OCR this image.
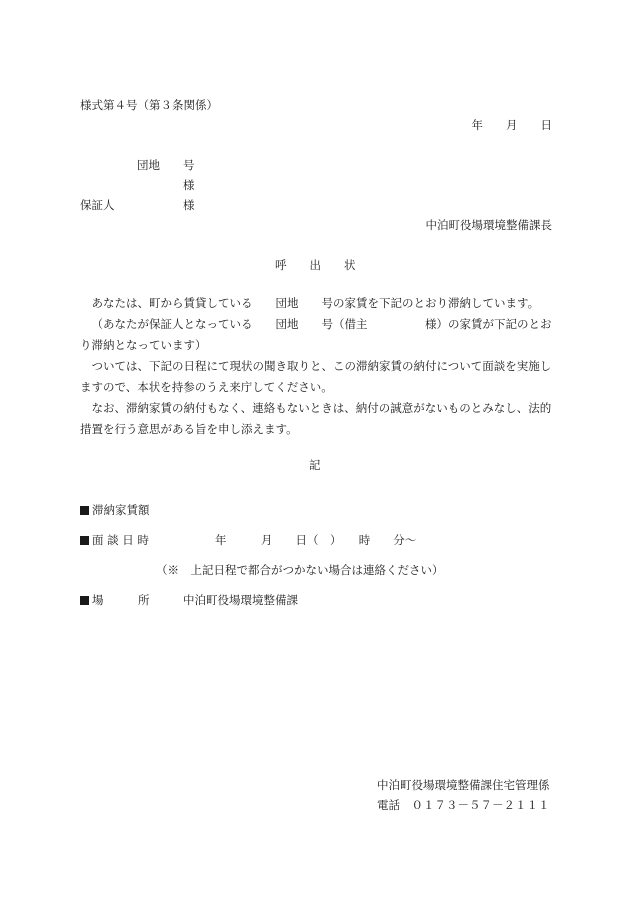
様式第４号（第３条関係）
年　　月　　日
団地　　号
様
保証人	様
中泊町役場環境整備課長
呼　　出　　状

あなたは、町から賃貸している　　団地　　号の家賃を下記のとおり滞納しています。

（あなたが保証人となっている　　団地　　号（借主　　　　　様）の家賃が下記のとおり滞納となっています）

ついては、下記の日程にて現状の聞き取りと、この滞納家賃の納付について面談を実施しますので、本状を持参のうえ来庁してください。

なお、滞納家賃の納付もなく、連絡もないときは、納付の誠意がないものとみなし、法的措置を行う意思がある旨を申し添えます。

記
滞納家賃額
面 談 日 時	年　　　月　　日（　）　　時　　分〜
（※　上記日程で都合がつかない場合は連絡ください）
場　　　所	中泊町役場環境整備課
中泊町役場環境整備課住宅管理係
電話　０１７３－５７－２１１１
